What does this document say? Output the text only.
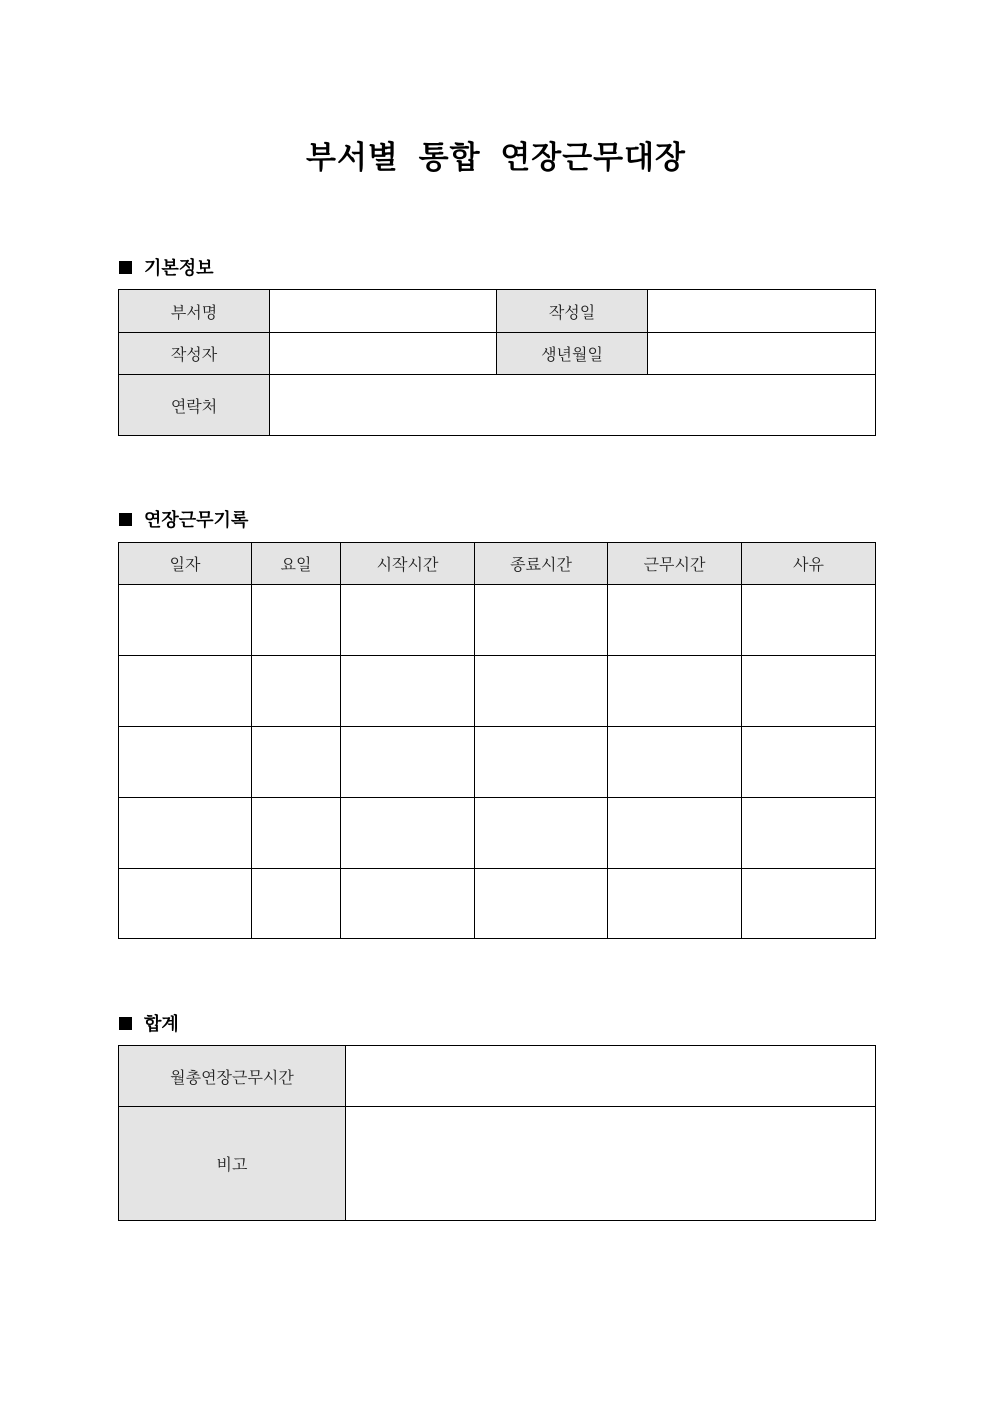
부서별 통합 연장근무대장
기본정보
부서명		작성일	
작성자		생년월일	
연락처			
연장근무기록
일자	요일	시작시간	종료시간	근무시간	사유

합계
월총연장근무시간	
비고	
